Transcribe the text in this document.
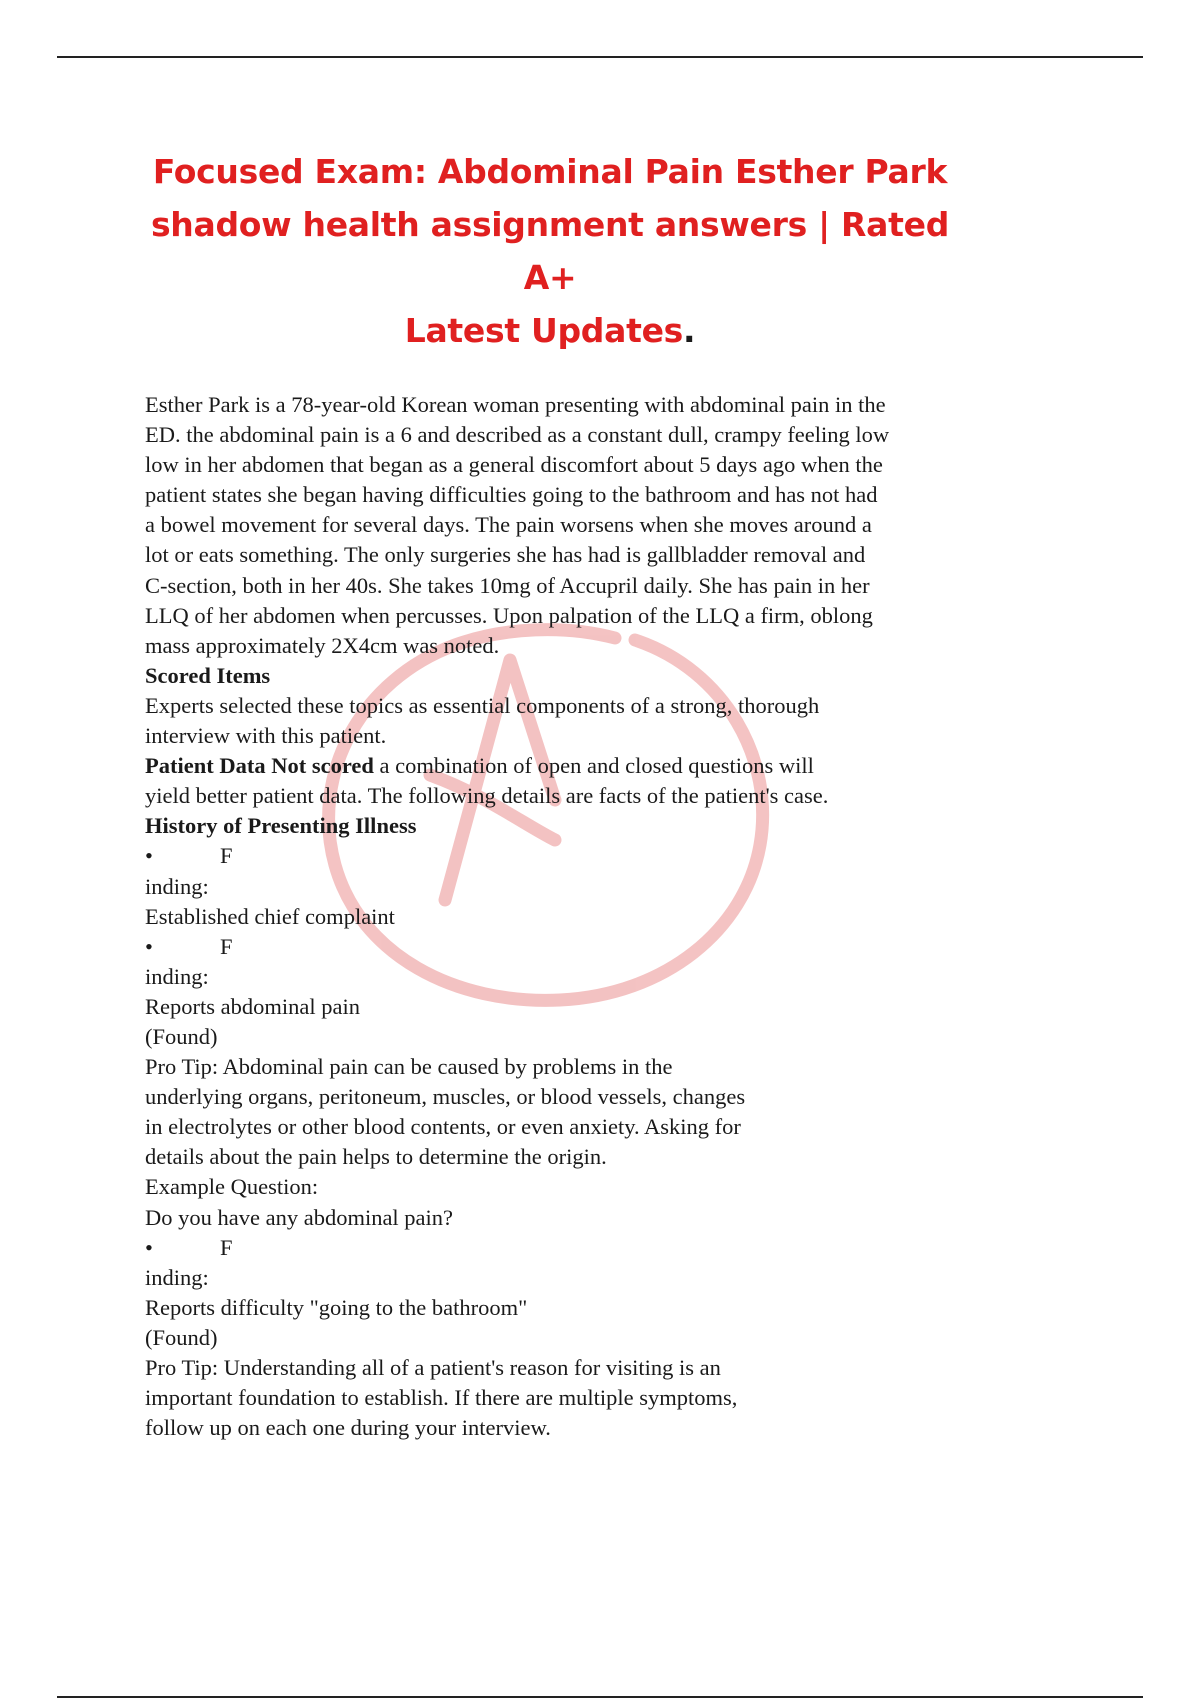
Focused Exam: Abdominal Pain Esther Park
shadow health assignment answers | Rated A+
Latest Updates.

Esther Park is a 78-year-old Korean woman presenting with abdominal pain in the

ED. the abdominal pain is a 6 and described as a constant dull, crampy feeling low

low in her abdomen that began as a general discomfort about 5 days ago when the

patient states she began having difficulties going to the bathroom and has not had

a bowel movement for several days. The pain worsens when she moves around a

lot or eats something. The only surgeries she has had is gallbladder removal and

C-section, both in her 40s. She takes 10mg of Accupril daily. She has pain in her

LLQ of her abdomen when percusses. Upon palpation of the LLQ a firm, oblong

mass approximately 2X4cm was noted.

Scored Items

Experts selected these topics as essential components of a strong, thorough

interview with this patient.

Patient Data Not scored a combination of open and closed questions will

yield better patient data. The following details are facts of the patient's case.

History of Presenting Illness

•	F

inding:

Established chief complaint

•	F

inding:

Reports abdominal pain

(Found)

Pro Tip: Abdominal pain can be caused by problems in the

underlying organs, peritoneum, muscles, or blood vessels, changes

in electrolytes or other blood contents, or even anxiety. Asking for

details about the pain helps to determine the origin.

Example Question:

Do you have any abdominal pain?

•	F

inding:

Reports difficulty "going to the bathroom"

(Found)

Pro Tip: Understanding all of a patient's reason for visiting is an

important foundation to establish. If there are multiple symptoms,

follow up on each one during your interview.
